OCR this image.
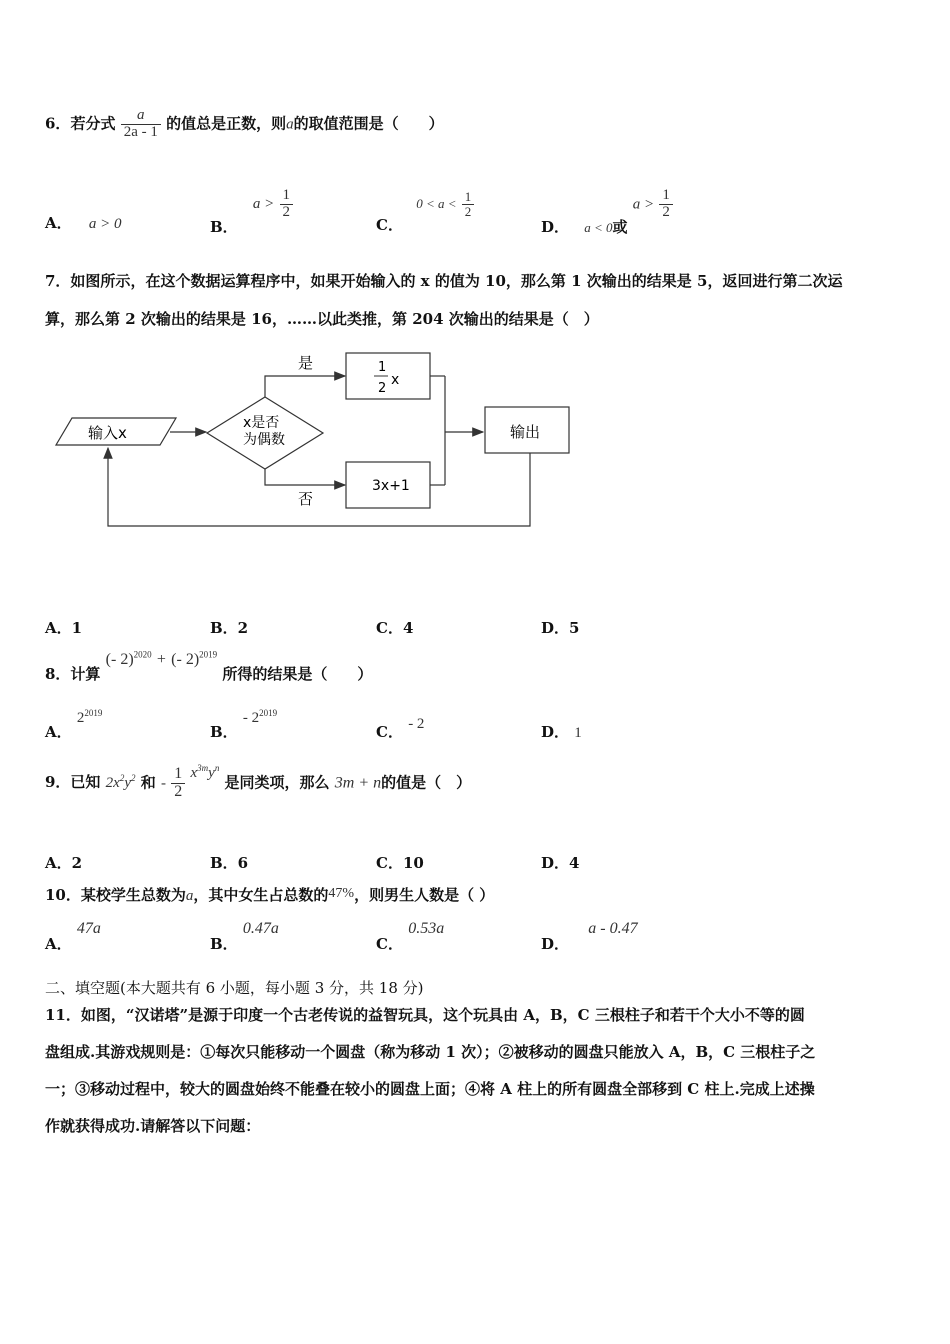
6．若分式 $\frac{a}{2a - 1}$ 的值总是正数，则a的取值范围是（　　）
A． a > 0	B． $a > \frac{1}{2}$
C． $0 < a < \frac{1}{2}$
D． a < 0或 $a > \frac{1}{2}$
7．如图所示，在这个数据运算程序中，如果开始输入的 x 的值为 10，那么第 1 次输出的结果是 5，返回进行第二次运
算，那么第 2 次输出的结果是 16，……以此类推，第 204 次输出的结果是（　）
输入x
x是否
为偶数
是	1
2
x
否
3x+1
输出
A．1	B．2	C．4	D．5
8．计算 (- 2)$^{2020}$ + (- 2)$^{2019}$ 所得的结果是（　　）
A． $2^{2019}$
B． - $2^{2019}$
C． - 2	D． 1
9．已知 $2x^2y^2$ 和 - $\frac{1}{2} x^{3m}y^n$ 是同类项，那么 3m + n的值是（　）
A．2	B．6	C．10	D．4
10．某校学生总数为a，其中女生占总数的47%，则男生人数是（ ）
A． 47a
B． 0.47a
C． 0.53a
D． a - 0.47
二、填空题(本大题共有 6 小题，每小题 3 分，共 18 分)
11．如图，“汉诺塔”是源于印度一个古老传说的益智玩具，这个玩具由 A，B，C 三根柱子和若干个大小不等的圆
盘组成.其游戏规则是：①每次只能移动一个圆盘（称为移动 1 次）；②被移动的圆盘只能放入 A，B，C 三根柱子之
一；③移动过程中，较大的圆盘始终不能叠在较小的圆盘上面；④将 A 柱上的所有圆盘全部移到 C 柱上.完成上述操
作就获得成功.请解答以下问题：
